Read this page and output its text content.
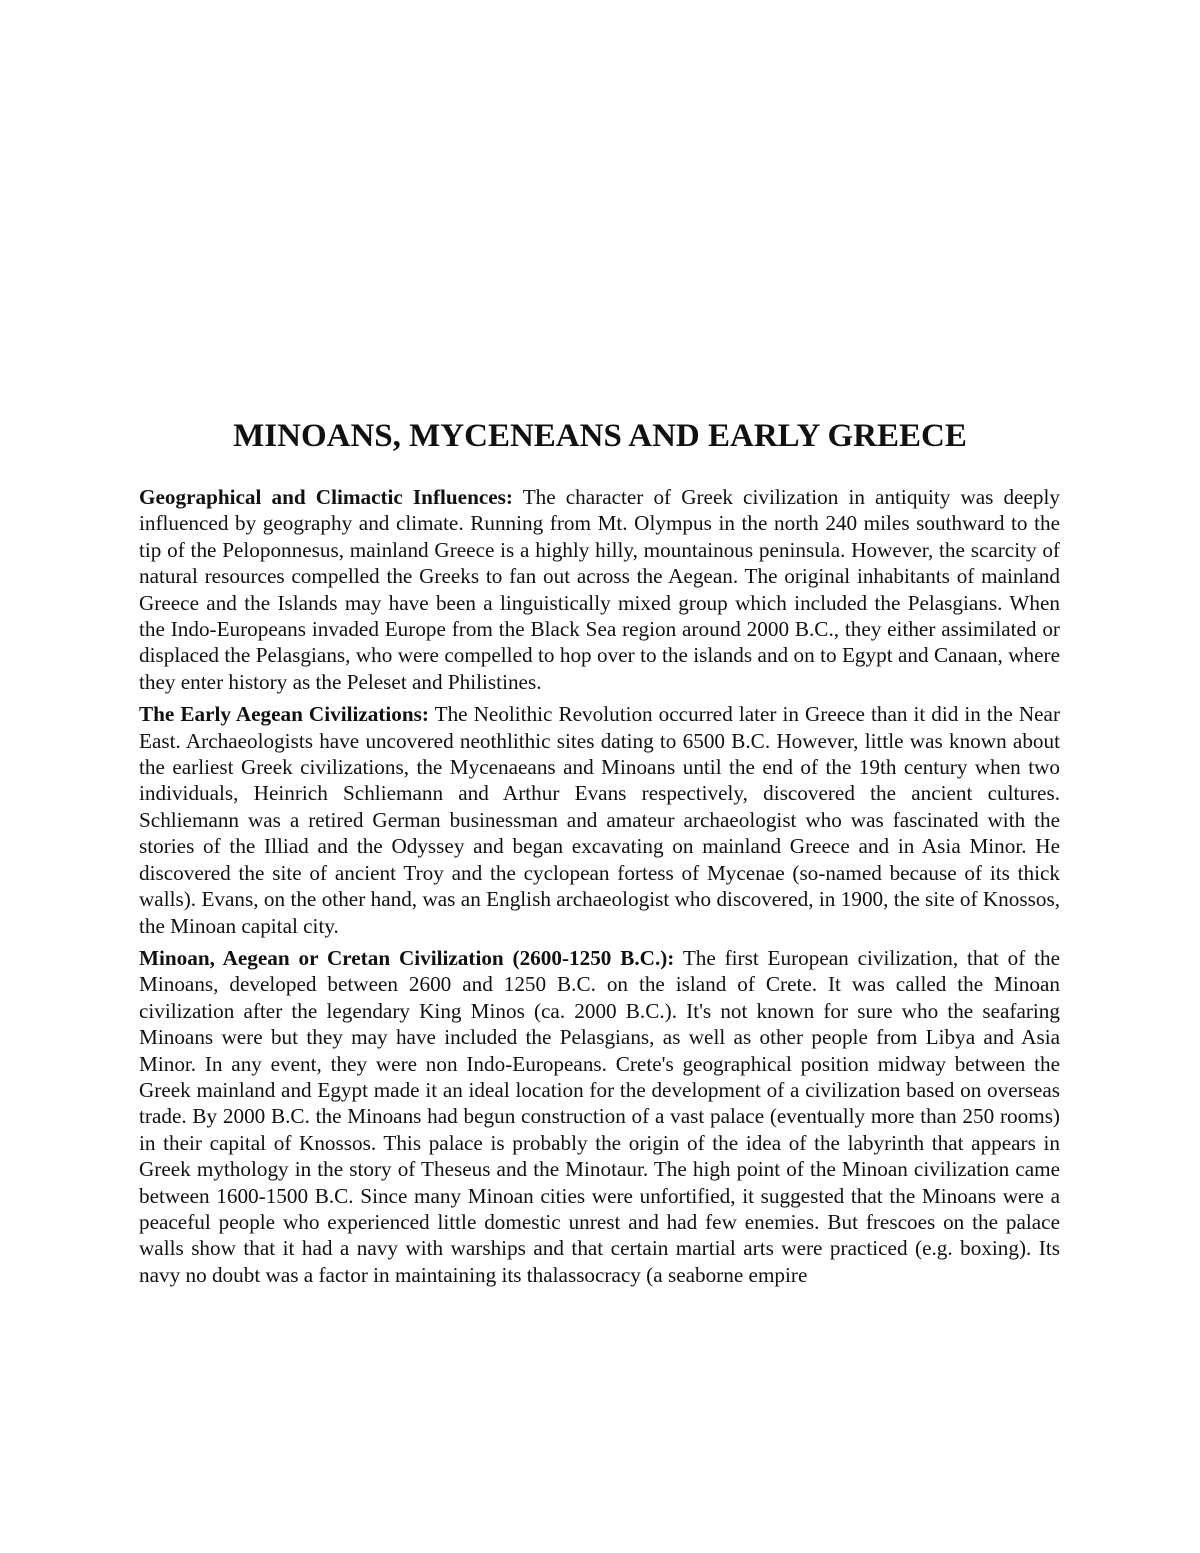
MINOANS, MYCENEANS AND EARLY GREECE

Geographical and Climactic Influences: The character of Greek civilization in antiquity was deeply influenced by geography and climate. Running from Mt. Olympus in the north 240 miles southward to the tip of the Peloponnesus, mainland Greece is a highly hilly, mountainous peninsula. However, the scarcity of natural resources compelled the Greeks to fan out across the Aegean. The original inhabitants of mainland Greece and the Islands may have been a linguistically mixed group which included the Pelasgians. When the Indo-Europeans invaded Europe from the Black Sea region around 2000 B.C., they either assimilated or displaced the Pelasgians, who were compelled to hop over to the islands and on to Egypt and Canaan, where they enter history as the Peleset and Philistines.

The Early Aegean Civilizations: The Neolithic Revolution occurred later in Greece than it did in the Near East. Archaeologists have uncovered neothlithic sites dating to 6500 B.C. However, little was known about the earliest Greek civilizations, the Mycenaeans and Minoans until the end of the 19th century when two individuals, Heinrich Schliemann and Arthur Evans respectively, discovered the ancient cultures. Schliemann was a retired German businessman and amateur archaeologist who was fascinated with the stories of the Illiad and the Odyssey and began excavating on mainland Greece and in Asia Minor. He discovered the site of ancient Troy and the cyclopean fortess of Mycenae (so-named because of its thick walls). Evans, on the other hand, was an English archaeologist who discovered, in 1900, the site of Knossos, the Minoan capital city.

Minoan, Aegean or Cretan Civilization (2600-1250 B.C.): The first European civilization, that of the Minoans, developed between 2600 and 1250 B.C. on the island of Crete. It was called the Minoan civilization after the legendary King Minos (ca. 2000 B.C.). It's not known for sure who the seafaring Minoans were but they may have included the Pelasgians, as well as other people from Libya and Asia Minor. In any event, they were non Indo-Europeans. Crete's geographical position midway between the Greek mainland and Egypt made it an ideal location for the development of a civilization based on overseas trade. By 2000 B.C. the Minoans had begun construction of a vast palace (eventually more than 250 rooms) in their capital of Knossos. This palace is probably the origin of the idea of the labyrinth that appears in Greek mythology in the story of Theseus and the Minotaur. The high point of the Minoan civilization came between 1600-1500 B.C. Since many Minoan cities were unfortified, it suggested that the Minoans were a peaceful people who experienced little domestic unrest and had few enemies. But frescoes on the palace walls show that it had a navy with warships and that certain martial arts were practiced (e.g. boxing). Its navy no doubt was a factor in maintaining its thalassocracy (a seaborne empire
